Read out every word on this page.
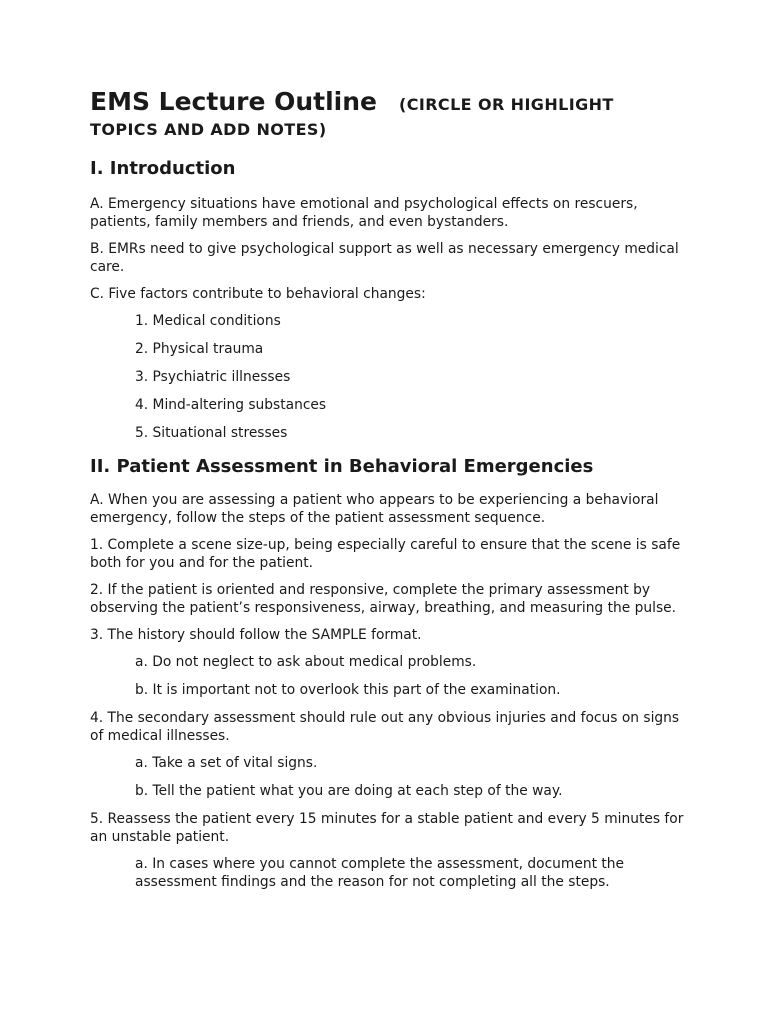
EMS Lecture Outline (CIRCLE OR HIGHLIGHT
TOPICS AND ADD NOTES)
I. Introduction

A. Emergency situations have emotional and psychological effects on rescuers, patients, family members and friends, and even bystanders.

B. EMRs need to give psychological support as well as necessary emergency medical care.

C. Five factors contribute to behavioral changes:

1. Medical conditions

2. Physical trauma

3. Psychiatric illnesses

4. Mind-altering substances

5. Situational stresses

II. Patient Assessment in Behavioral Emergencies

A. When you are assessing a patient who appears to be experiencing a behavioral emergency, follow the steps of the patient assessment sequence.

1. Complete a scene size-up, being especially careful to ensure that the scene is safe both for you and for the patient.

2. If the patient is oriented and responsive, complete the primary assessment by observing the patient’s responsiveness, airway, breathing, and measuring the pulse.

3. The history should follow the SAMPLE format.

a. Do not neglect to ask about medical problems.

b. It is important not to overlook this part of the examination.

4. The secondary assessment should rule out any obvious injuries and focus on signs of medical illnesses.

a. Take a set of vital signs.

b. Tell the patient what you are doing at each step of the way.

5. Reassess the patient every 15 minutes for a stable patient and every 5 minutes for an unstable patient.

a. In cases where you cannot complete the assessment, document the assessment findings and the reason for not completing all the steps.
